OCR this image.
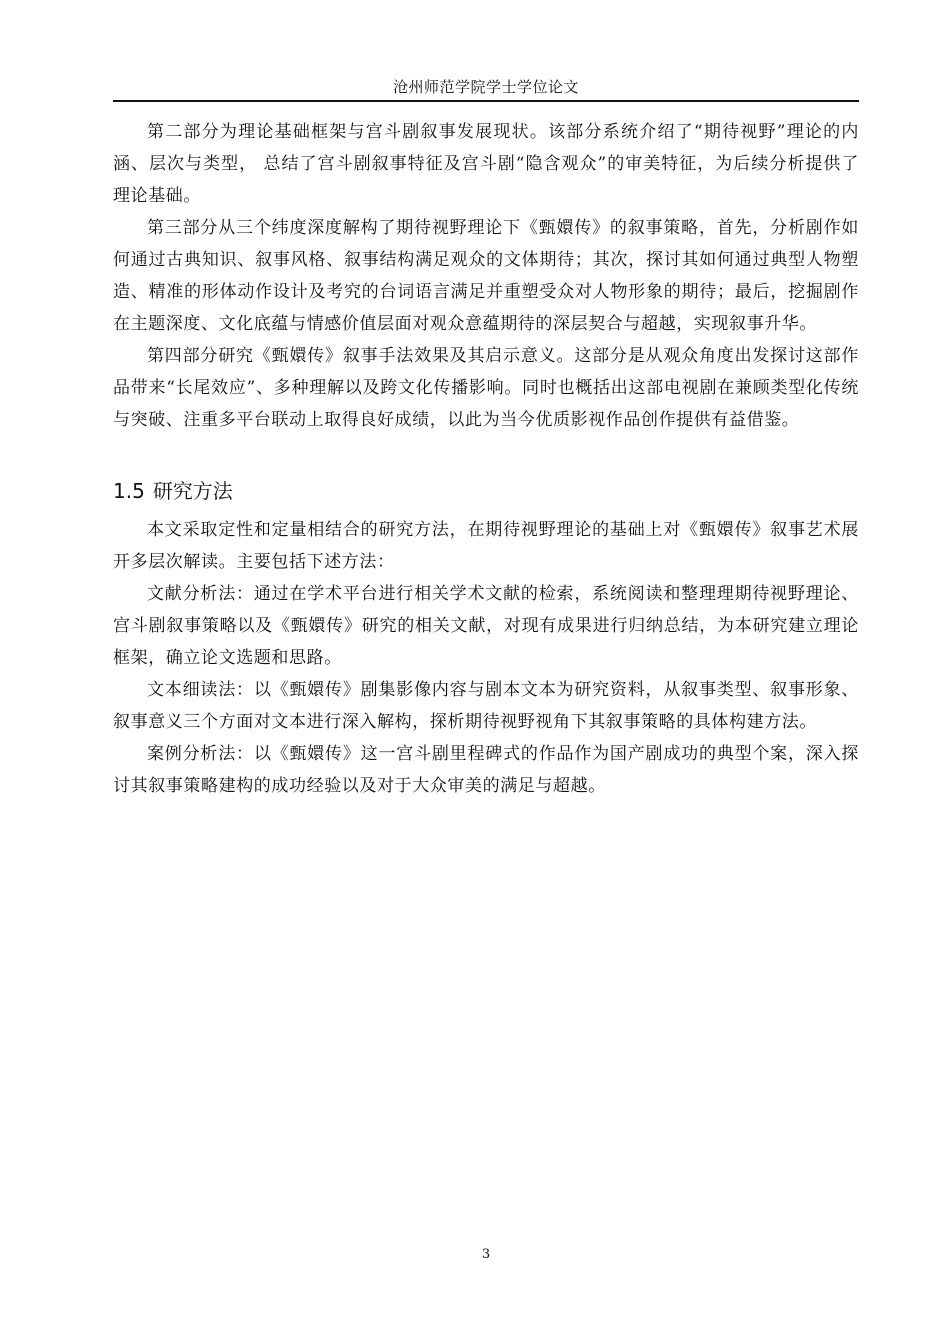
沧州师范学院学士学位论文

第二部分为理论基础框架与宫斗剧叙事发展现状。该部分系统介绍了“期待视野”理论的内涵、层次与类型， 总结了宫斗剧叙事特征及宫斗剧“隐含观众”的审美特征，为后续分析提供了理论基础。

第三部分从三个纬度深度解构了期待视野理论下《甄嬛传》的叙事策略，首先，分析剧作如何通过古典知识、叙事风格、叙事结构满足观众的文体期待；其次，探讨其如何通过典型人物塑造、精准的形体动作设计及考究的台词语言满足并重塑受众对人物形象的期待；最后，挖掘剧作在主题深度、文化底蕴与情感价值层面对观众意蕴期待的深层契合与超越，实现叙事升华。

第四部分研究《甄嬛传》叙事手法效果及其启示意义。这部分是从观众角度出发探讨这部作品带来“长尾效应”、多种理解以及跨文化传播影响。同时也概括出这部电视剧在兼顾类型化传统与突破、注重多平台联动上取得良好成绩，以此为当今优质影视作品创作提供有益借鉴。

1.5 研究方法

本文采取定性和定量相结合的研究方法，在期待视野理论的基础上对《甄嬛传》叙事艺术展开多层次解读。主要包括下述方法：

文献分析法：通过在学术平台进行相关学术文献的检索，系统阅读和整理理期待视野理论、宫斗剧叙事策略以及《甄嬛传》研究的相关文献，对现有成果进行归纳总结，为本研究建立理论框架，确立论文选题和思路。

文本细读法：以《甄嬛传》剧集影像内容与剧本文本为研究资料，从叙事类型、叙事形象、叙事意义三个方面对文本进行深入解构，探析期待视野视角下其叙事策略的具体构建方法。

案例分析法：以《甄嬛传》这一宫斗剧里程碑式的作品作为国产剧成功的典型个案，深入探讨其叙事策略建构的成功经验以及对于大众审美的满足与超越。

3
